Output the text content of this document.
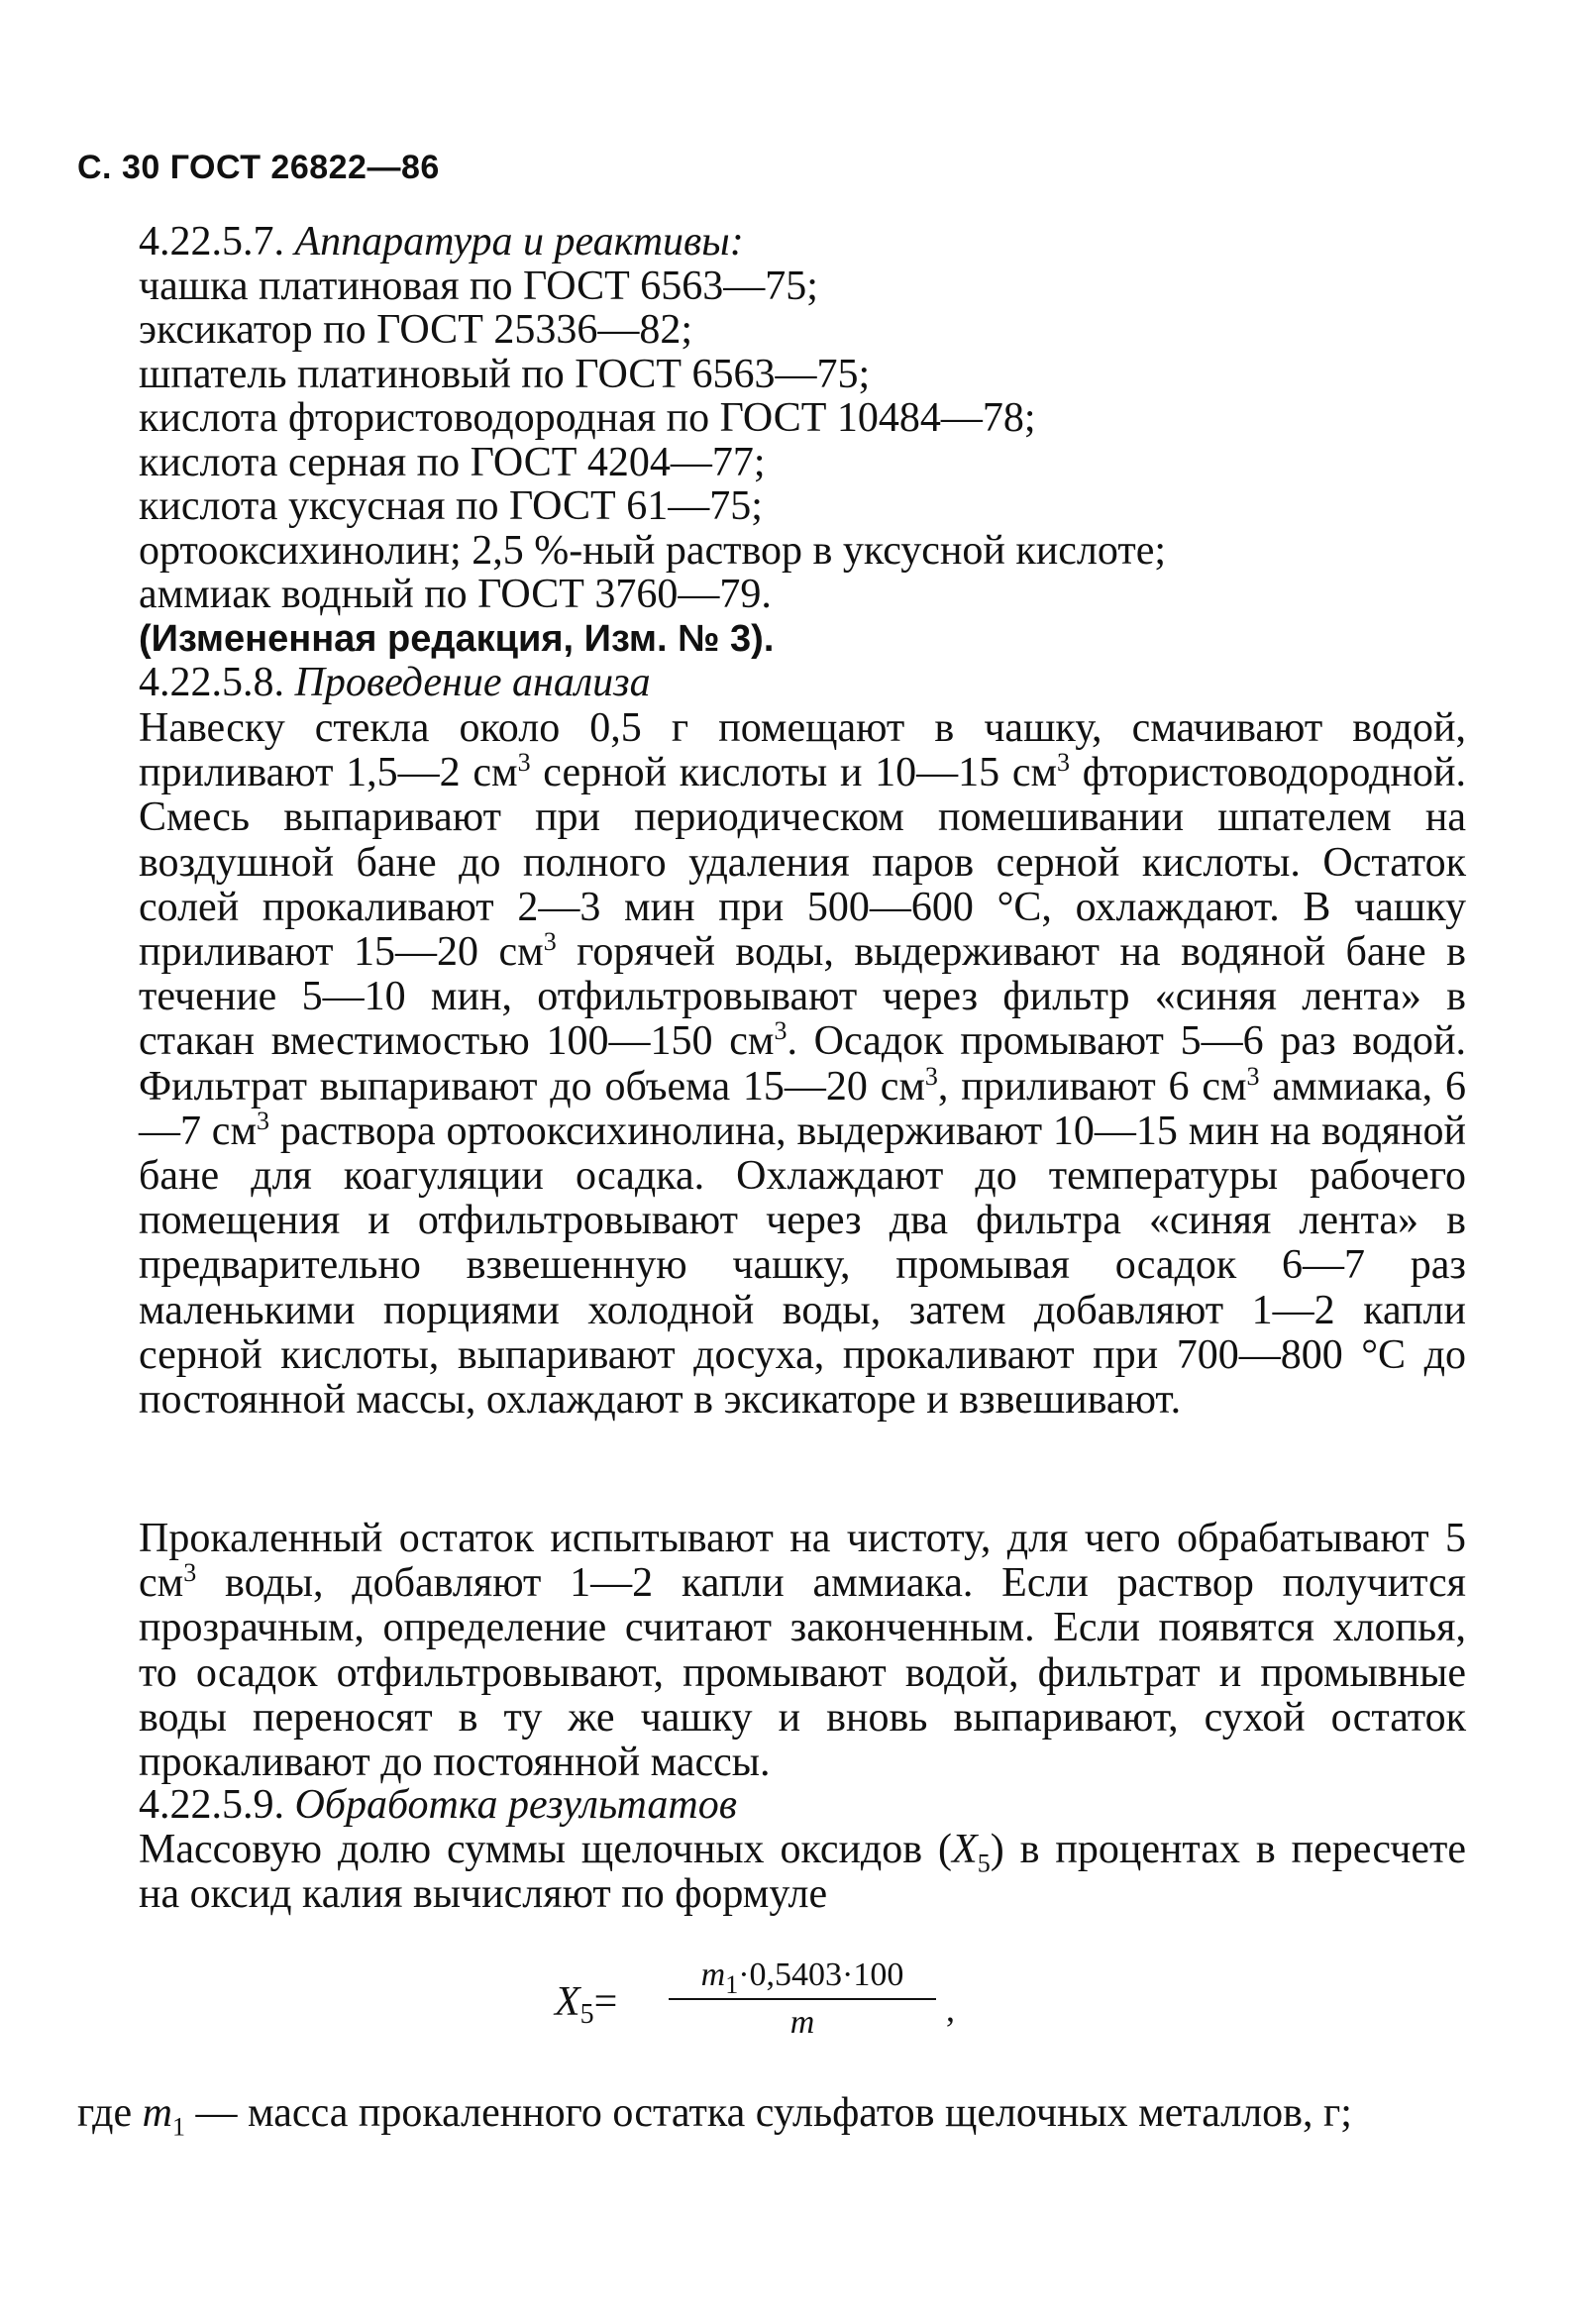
С. 30 ГОСТ 26822—86
4.22.5.7. Аппаратура и реактивы:
чашка платиновая по ГОСТ 6563—75;
эксикатор по ГОСТ 25336—82;
шпатель платиновый по ГОСТ 6563—75;
кислота фтористоводородная по ГОСТ 10484—78;
кислота серная по ГОСТ 4204—77;
кислота уксусная по ГОСТ 61—75;
ортооксихинолин; 2,5 %-ный раствор в уксусной кислоте;
аммиак водный по ГОСТ 3760—79.
(Измененная редакция, Изм. № 3).
4.22.5.8. Проведение анализа
Навеску стекла около 0,5 г помещают в чашку, смачивают водой, приливают 1,5—2 $см^3$ серной кислоты и 10—15 $см^3$ фтористоводородной. Смесь выпаривают при периодическом помешивании шпателем на воздушной бане до полного удаления паров серной кислоты. Остаток солей прокаливают 2—3 мин при 500—600 °С, охлаждают. В чашку приливают 15—20 $см^3$ горячей воды, выдерживают на водяной бане в течение 5—10 мин, отфильтровывают через фильтр «синяя лента» в стакан вместимостью 100—150 $см^3$. Осадок промывают 5—6 раз водой. Фильтрат выпаривают до объема 15—20 $см^3$, приливают 6 $см^3$ аммиака, 6—7 $см^3$ раствора ортооксихинолина, выдерживают 10—15 мин на водяной бане для коагуляции осадка. Охлаждают до температуры рабочего помещения и отфильтровывают через два фильтра «синяя лента» в предварительно взвешенную чашку, промывая осадок 6—7 раз маленькими порциями холодной воды, затем добавляют 1—2 капли серной кислоты, выпаривают досуха, прокаливают при 700—800 °С до постоянной массы, охлаждают в эксикаторе и взвешивают.
Прокаленный остаток испытывают на чистоту, для чего обрабатывают 5 $см^3$ воды, добавляют 1—2 капли аммиака. Если раствор получится прозрачным, определение считают законченным. Если появятся хлопья, то осадок отфильтровывают, промывают водой, фильтрат и промывные воды переносят в ту же чашку и вновь выпаривают, сухой остаток прокаливают до постоянной массы.
4.22.5.9. Обработка результатов
Массовую долю суммы щелочных оксидов $(X_5)$ в процентах в пересчете на оксид калия вычисляют по формуле
$X5= \frac{m_1\cdot 0,5403\cdot 100}{m}$ ,
где $m_1$ — масса прокаленного остатка сульфатов щелочных металлов, г;
